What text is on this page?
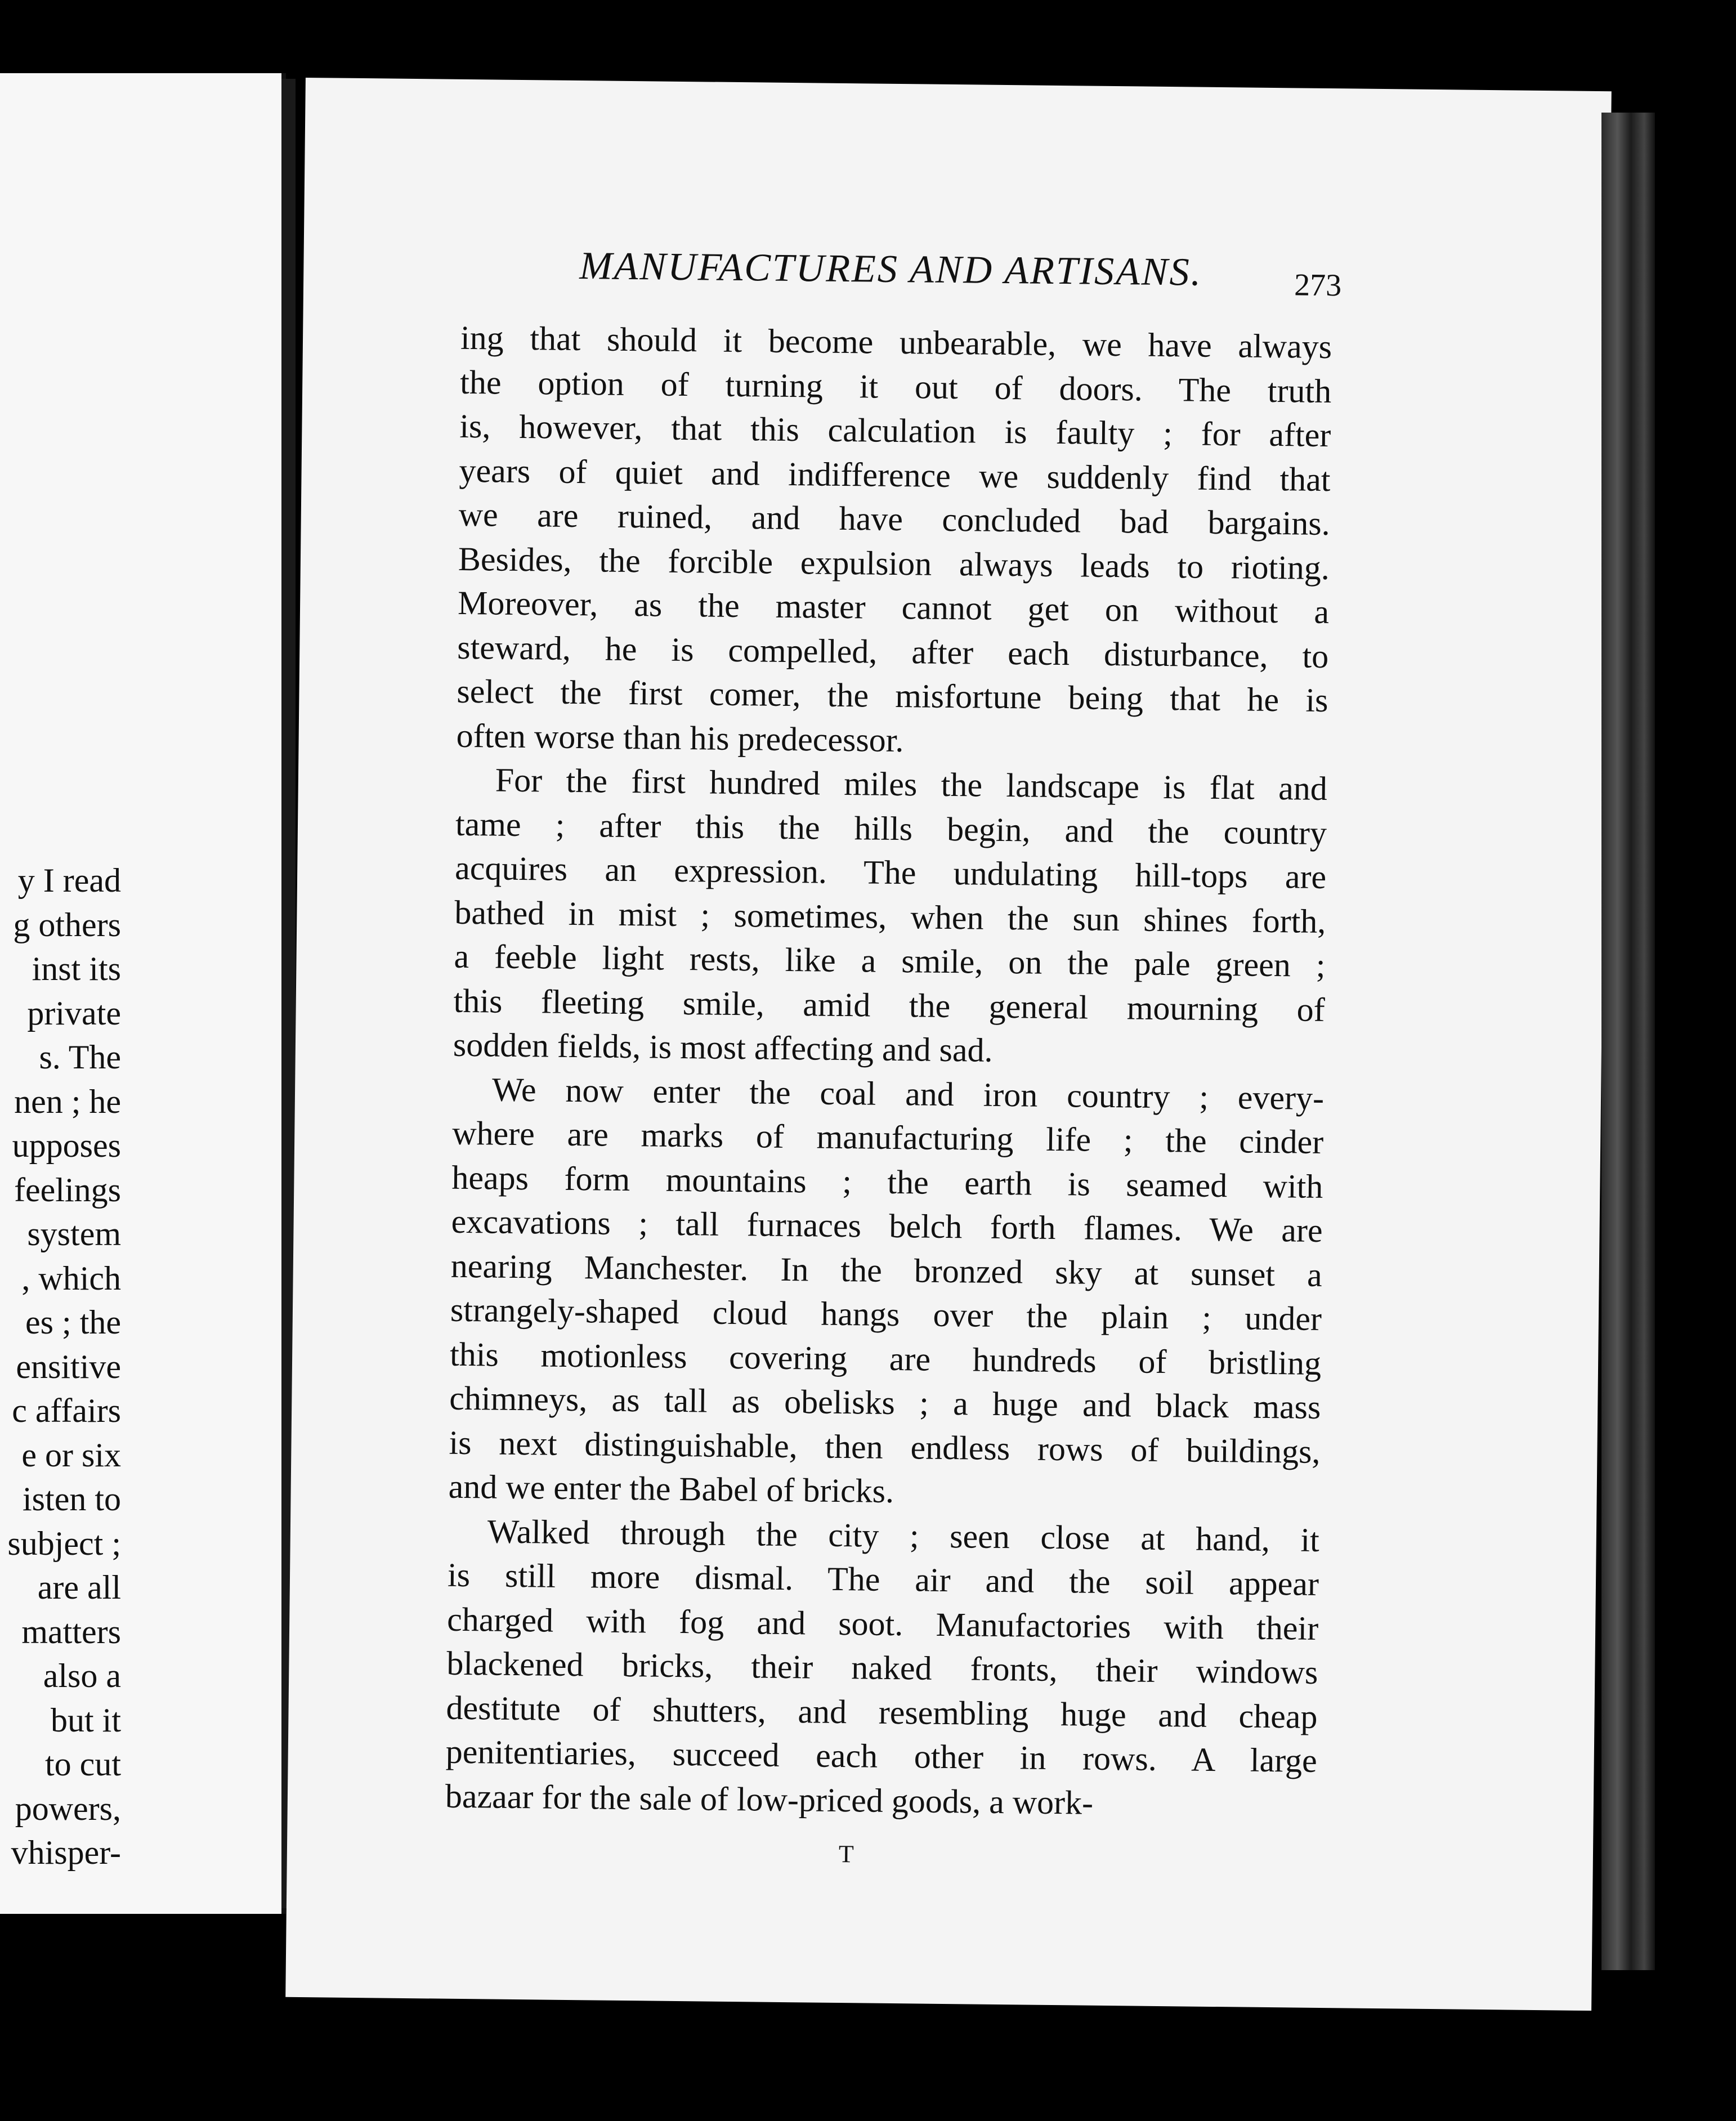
y I read
g others
inst its
private
s. The
nen ; he
upposes
feelings
system
, which
es ; the
ensitive
c affairs
e or six
isten to
subject ;
are all
matters
also a
but it
to cut
powers,
vhisper-
MANUFACTURES AND ARTISANS.	273
ing that should it become unbearable, we have always
the option of turning it out of doors. The truth
is, however, that this calculation is faulty ; for after
years of quiet and indifference we suddenly find that
we are ruined, and have concluded bad bargains.
Besides, the forcible expulsion always leads to rioting.
Moreover, as the master cannot get on without a
steward, he is compelled, after each disturbance, to
select the first comer, the misfortune being that he is
often worse than his predecessor.
For the first hundred miles the landscape is flat and
tame ; after this the hills begin, and the country
acquires an expression. The undulating hill-tops are
bathed in mist ; sometimes, when the sun shines forth,
a feeble light rests, like a smile, on the pale green ;
this fleeting smile, amid the general mourning of
sodden fields, is most affecting and sad.
We now enter the coal and iron country ; every-
where are marks of manufacturing life ; the cinder
heaps form mountains ; the earth is seamed with
excavations ; tall furnaces belch forth flames. We are
nearing Manchester. In the bronzed sky at sunset a
strangely-shaped cloud hangs over the plain ; under
this motionless covering are hundreds of bristling
chimneys, as tall as obelisks ; a huge and black mass
is next distinguishable, then endless rows of buildings,
and we enter the Babel of bricks.
Walked through the city ; seen close at hand, it
is still more dismal. The air and the soil appear
charged with fog and soot. Manufactories with their
blackened bricks, their naked fronts, their windows
destitute of shutters, and resembling huge and cheap
penitentiaries, succeed each other in rows. A large
bazaar for the sale of low-priced goods, a work-
T
